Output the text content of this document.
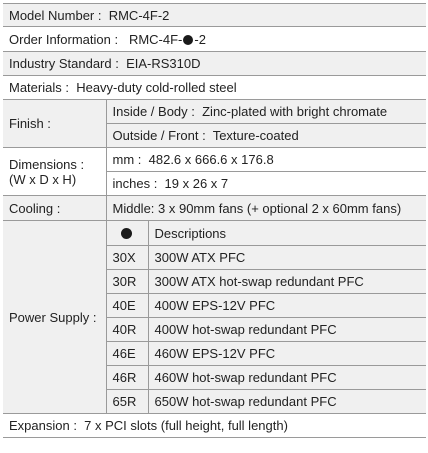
Model Number :  RMC-4F-2		
Order Information :   RMC-4F- -2		
Industry Standard :  EIA-RS310D		
Materials :  Heavy-duty cold-rolled steel		
Finish :	Inside / Body :  Zinc-plated with bright chromate	
	Outside / Front :  Texture-coated	
Dimensions :
(W x D x H)	mm :  482.6 x 666.6 x 176.8	
	inches :  19 x 26 x 7	
Cooling :	Middle: 3 x 90mm fans (+ optional 2 x 60mm fans)	
Power Supply :		Descriptions
	30X	300W ATX PFC
	30R	300W ATX hot-swap redundant PFC
	40E	400W EPS-12V PFC
	40R	400W hot-swap redundant PFC
	46E	460W EPS-12V PFC
	46R	460W hot-swap redundant PFC
	65R	650W hot-swap redundant PFC
Expansion :  7 x PCI slots (full height, full length)		
